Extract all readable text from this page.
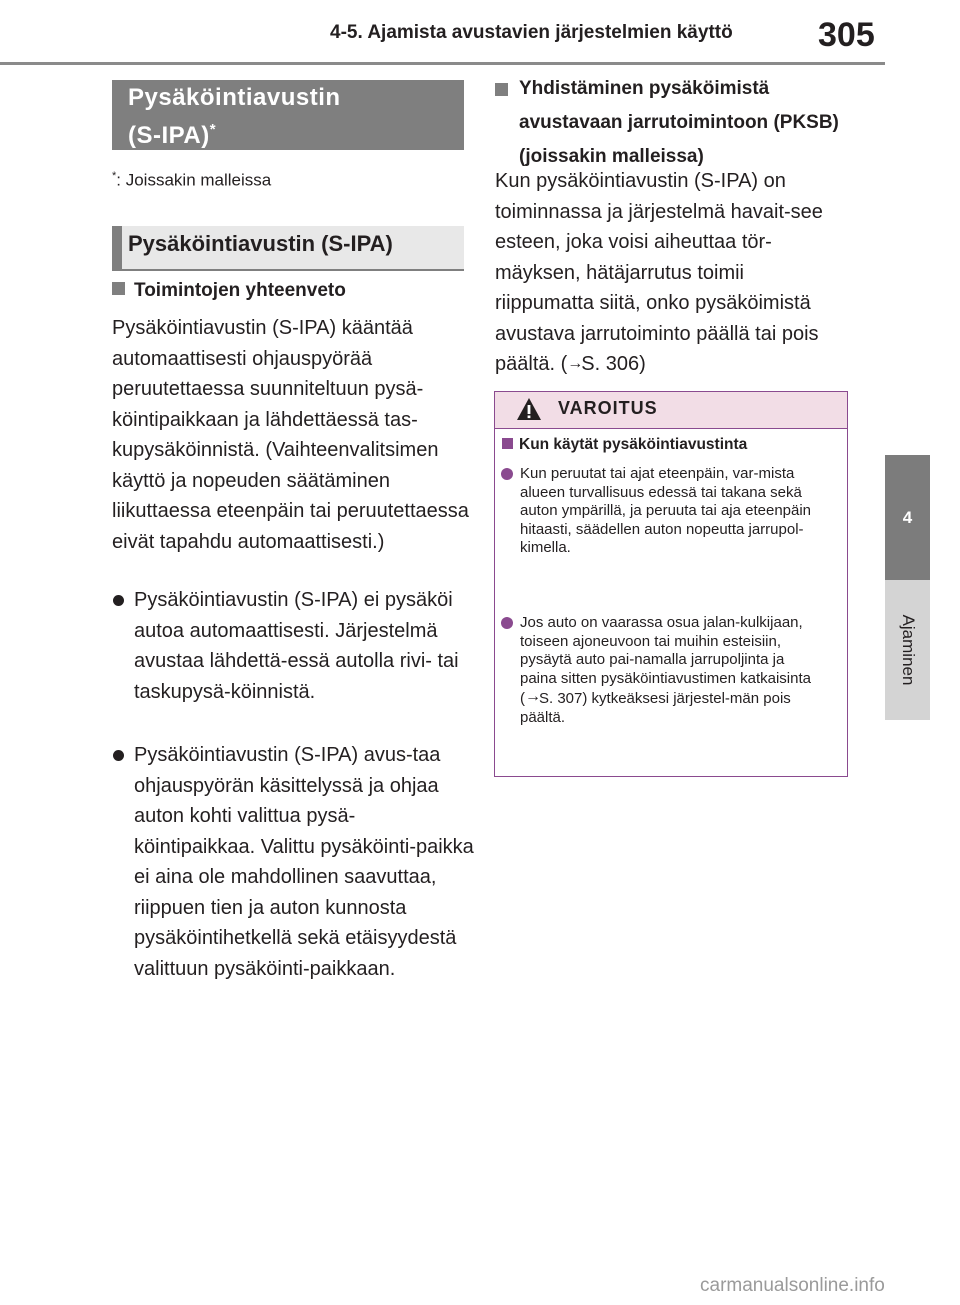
4-5. Ajamista avustavien järjestelmien käyttö	305
4
Ajaminen
Pysäköintiavustin
(S-IPA)*
*: Joissakin malleissa
Pysäköintiavustin (S-IPA)
Toimintojen yhteenveto
Pysäköintiavustin (S-IPA) kääntää automaattisesti ohjauspyörää peruutettaessa suunniteltuun pysä-köintipaikkaan ja lähdettäessä tas-kupysäköinnistä. (Vaihteenvalitsimen käyttö ja nopeuden säätäminen liikuttaessa eteenpäin tai peruutettaessa eivät tapahdu automaattisesti.)
Pysäköintiavustin (S-IPA) ei pysäköi autoa automaattisesti. Järjestelmä avustaa lähdettä-essä autolla rivi- tai taskupysä-köinnistä.
Pysäköintiavustin (S-IPA) avus-taa ohjauspyörän käsittelyssä ja ohjaa auton kohti valittua pysä-köintipaikkaa. Valittu pysäköinti-paikka ei aina ole mahdollinen saavuttaa, riippuen tien ja auton kunnosta pysäköintihetkellä sekä etäisyydestä valittuun pysäköinti-paikkaan.
Yhdistäminen pysäköimistä avustavaan jarrutoimintoon (PKSB) (joissakin malleissa)
Kun pysäköintiavustin (S-IPA) on toiminnassa ja järjestelmä havait-see esteen, joka voisi aiheuttaa tör-mäyksen, hätäjarrutus toimii riippumatta siitä, onko pysäköimistä avustava jarrutoiminto päällä tai pois päältä. (→S. 306)
VAROITUS
Kun käytät pysäköintiavustinta
Kun peruutat tai ajat eteenpäin, var-mista alueen turvallisuus edessä tai takana sekä auton ympärillä, ja peruuta tai aja eteenpäin hitaasti, säädellen auton nopeutta jarrupol-kimella.
Jos auto on vaarassa osua jalan-kulkijaan, toiseen ajoneuvoon tai muihin esteisiin, pysäytä auto pai-namalla jarrupoljinta ja paina sitten pysäköintiavustimen katkaisinta (→S. 307) kytkeäksesi järjestel-män pois päältä.
carmanualsonline.info
